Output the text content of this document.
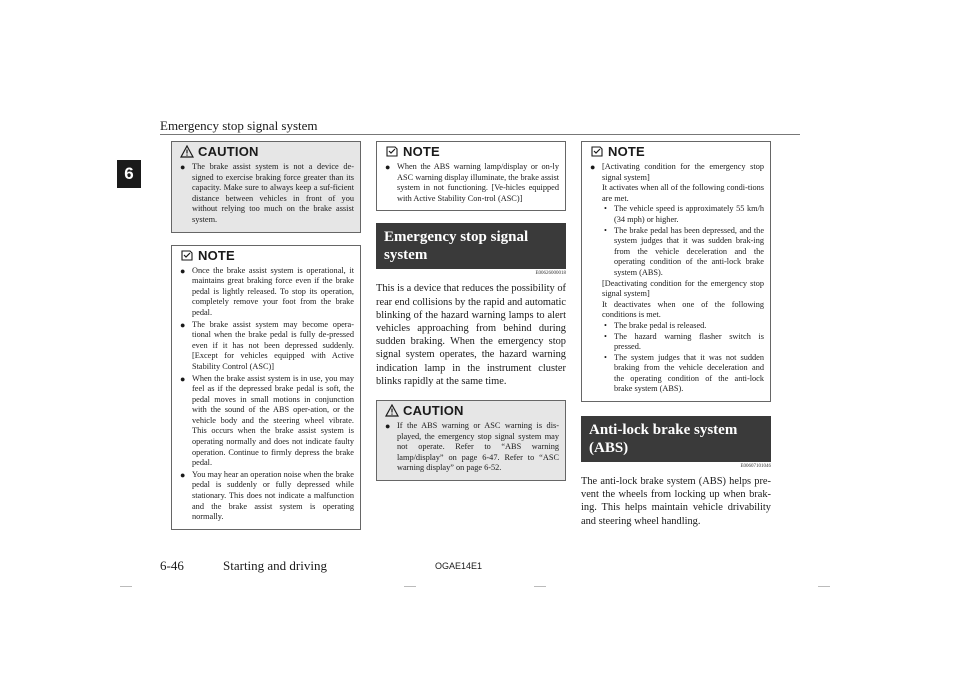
Emergency stop signal system
6
CAUTION
● The brake assist system is not a device de-signed to exercise braking force greater than its capacity. Make sure to always keep a suf-ficient distance between vehicles in front of you without relying too much on the brake assist system.
NOTE
● Once the brake assist system is operational, it maintains great braking force even if the brake pedal is lightly released. To stop its operation, completely remove your foot from the brake pedal.
● The brake assist system may become opera-tional when the brake pedal is fully de-pressed even if it has not been depressed suddenly. [Except for vehicles equipped with Active Stability Control (ASC)]
● When the brake assist system is in use, you may feel as if the depressed brake pedal is soft, the pedal moves in small motions in conjunction with the sound of the ABS oper-ation, or the vehicle body and the steering wheel vibrate. This occurs when the brake assist system is operating normally and does not indicate faulty operation. Continue to firmly depress the brake pedal.
● You may hear an operation noise when the brake pedal is suddenly or fully depressed while stationary. This does not indicate a malfunction and the brake assist system is operating normally.
NOTE
● When the ABS warning lamp/display or on-ly ASC warning display illuminate, the brake assist system in not functioning. [Ve-hicles equipped with Active Stability Con-trol (ASC)]
Emergency stop signal system
E00626000018
This is a device that reduces the possibility of rear end collisions by the rapid and automatic blinking of the hazard warning lamps to alert vehicles approaching from behind during sudden braking. When the emergency stop signal system operates, the hazard warning indication lamp in the instrument cluster blinks rapidly at the same time.
CAUTION
● If the ABS warning or ASC warning is dis-played, the emergency stop signal system may not operate. Refer to “ABS warning lamp/display” on page 6-47. Refer to “ASC warning display” on page 6-52.
NOTE
● [Activating condition for the emergency stop signal system]
It activates when all of the following condi-tions are met.
• The vehicle speed is approximately 55 km/h (34 mph) or higher.
• The brake pedal has been depressed, and the system judges that it was sudden brak-ing from the vehicle deceleration and the operating condition of the anti-lock brake system (ABS).
[Deactivating condition for the emergency stop signal system]
It deactivates when one of the following conditions is met.
• The brake pedal is released.
• The hazard warning flasher switch is pressed.
• The system judges that it was not sudden braking from the vehicle deceleration and the operating condition of the anti-lock brake system (ABS).
Anti-lock brake system (ABS)
E00607101046
The anti-lock brake system (ABS) helps pre-vent the wheels from locking up when brak-ing. This helps maintain vehicle drivability and steering wheel handling.
6-46	Starting and driving	OGAE14E1
